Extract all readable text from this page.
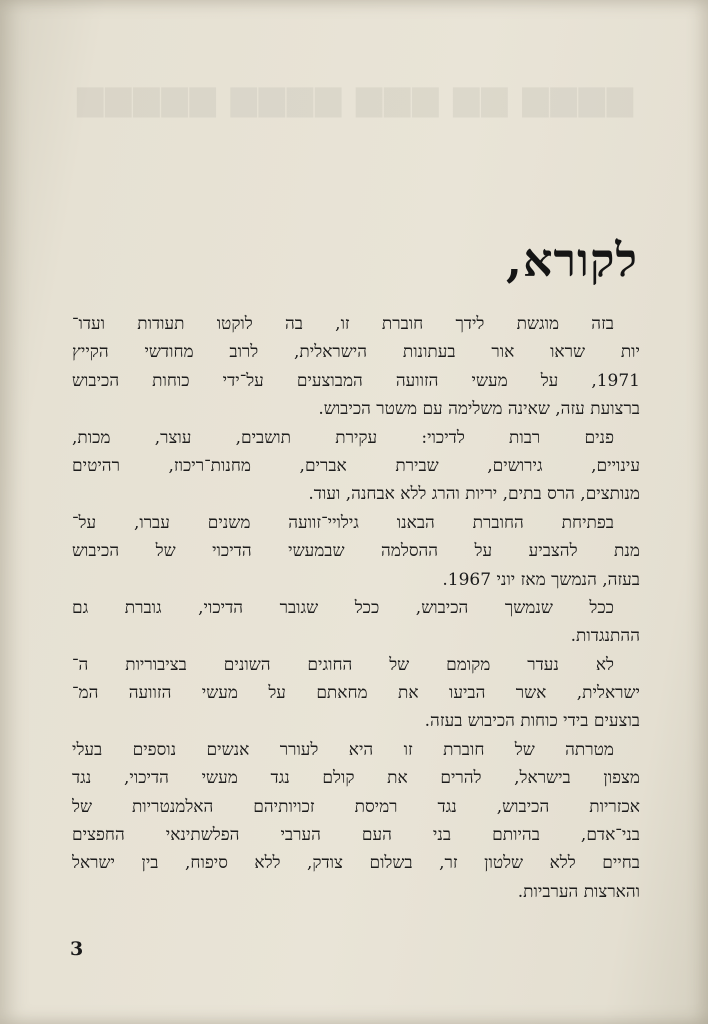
▆▆▆▆▆ ▆▆▆▆ ▆▆▆ ▆▆ ▆▆▆▆
לקורא,
בזה מוגשת לידך חוברת זו, בה לוקטו תעודות ועדו־
יות שראו אור בעתונות הישראלית, לרוב מחודשי הקייץ
1971, על מעשי הזוועה המבוצעים על־ידי כוחות הכיבוש
ברצועת עזה, שאינה משלימה עם משטר הכיבוש.
פנים רבות לדיכוי: עקירת תושבים, עוצר, מכות,
עינויים, גירושים, שבירת אברים, מחנות־ריכוז, רהיטים
מנותצים, הרס בתים, יריות והרג ללא אבחנה, ועוד.
בפתיחת החוברת הבאנו גילויי־זוועה משנים עברו, על־
מנת להצביע על ההסלמה שבמעשי הדיכוי של הכיבוש
בעזה, הנמשך מאז יוני 1967.
ככל שנמשך הכיבוש, ככל שגובר הדיכוי, גוברת גם
ההתנגדות.
לא נעדר מקומם של החוגים השונים בציבוריות ה־
ישראלית, אשר הביעו את מחאתם על מעשי הזוועה המ־
בוצעים בידי כוחות הכיבוש בעזה.
מטרתה של חוברת זו היא לעורר אנשים נוספים בעלי
מצפון בישראל, להרים את קולם נגד מעשי הדיכוי, נגד
אכזריות הכיבוש, נגד רמיסת זכויותיהם האלמנטריות של
בני־אדם, בהיותם בני העם הערבי הפלשתינאי החפצים
בחיים ללא שלטון זר, בשלום צודק, ללא סיפוח, בין ישראל
והארצות הערביות.
3
